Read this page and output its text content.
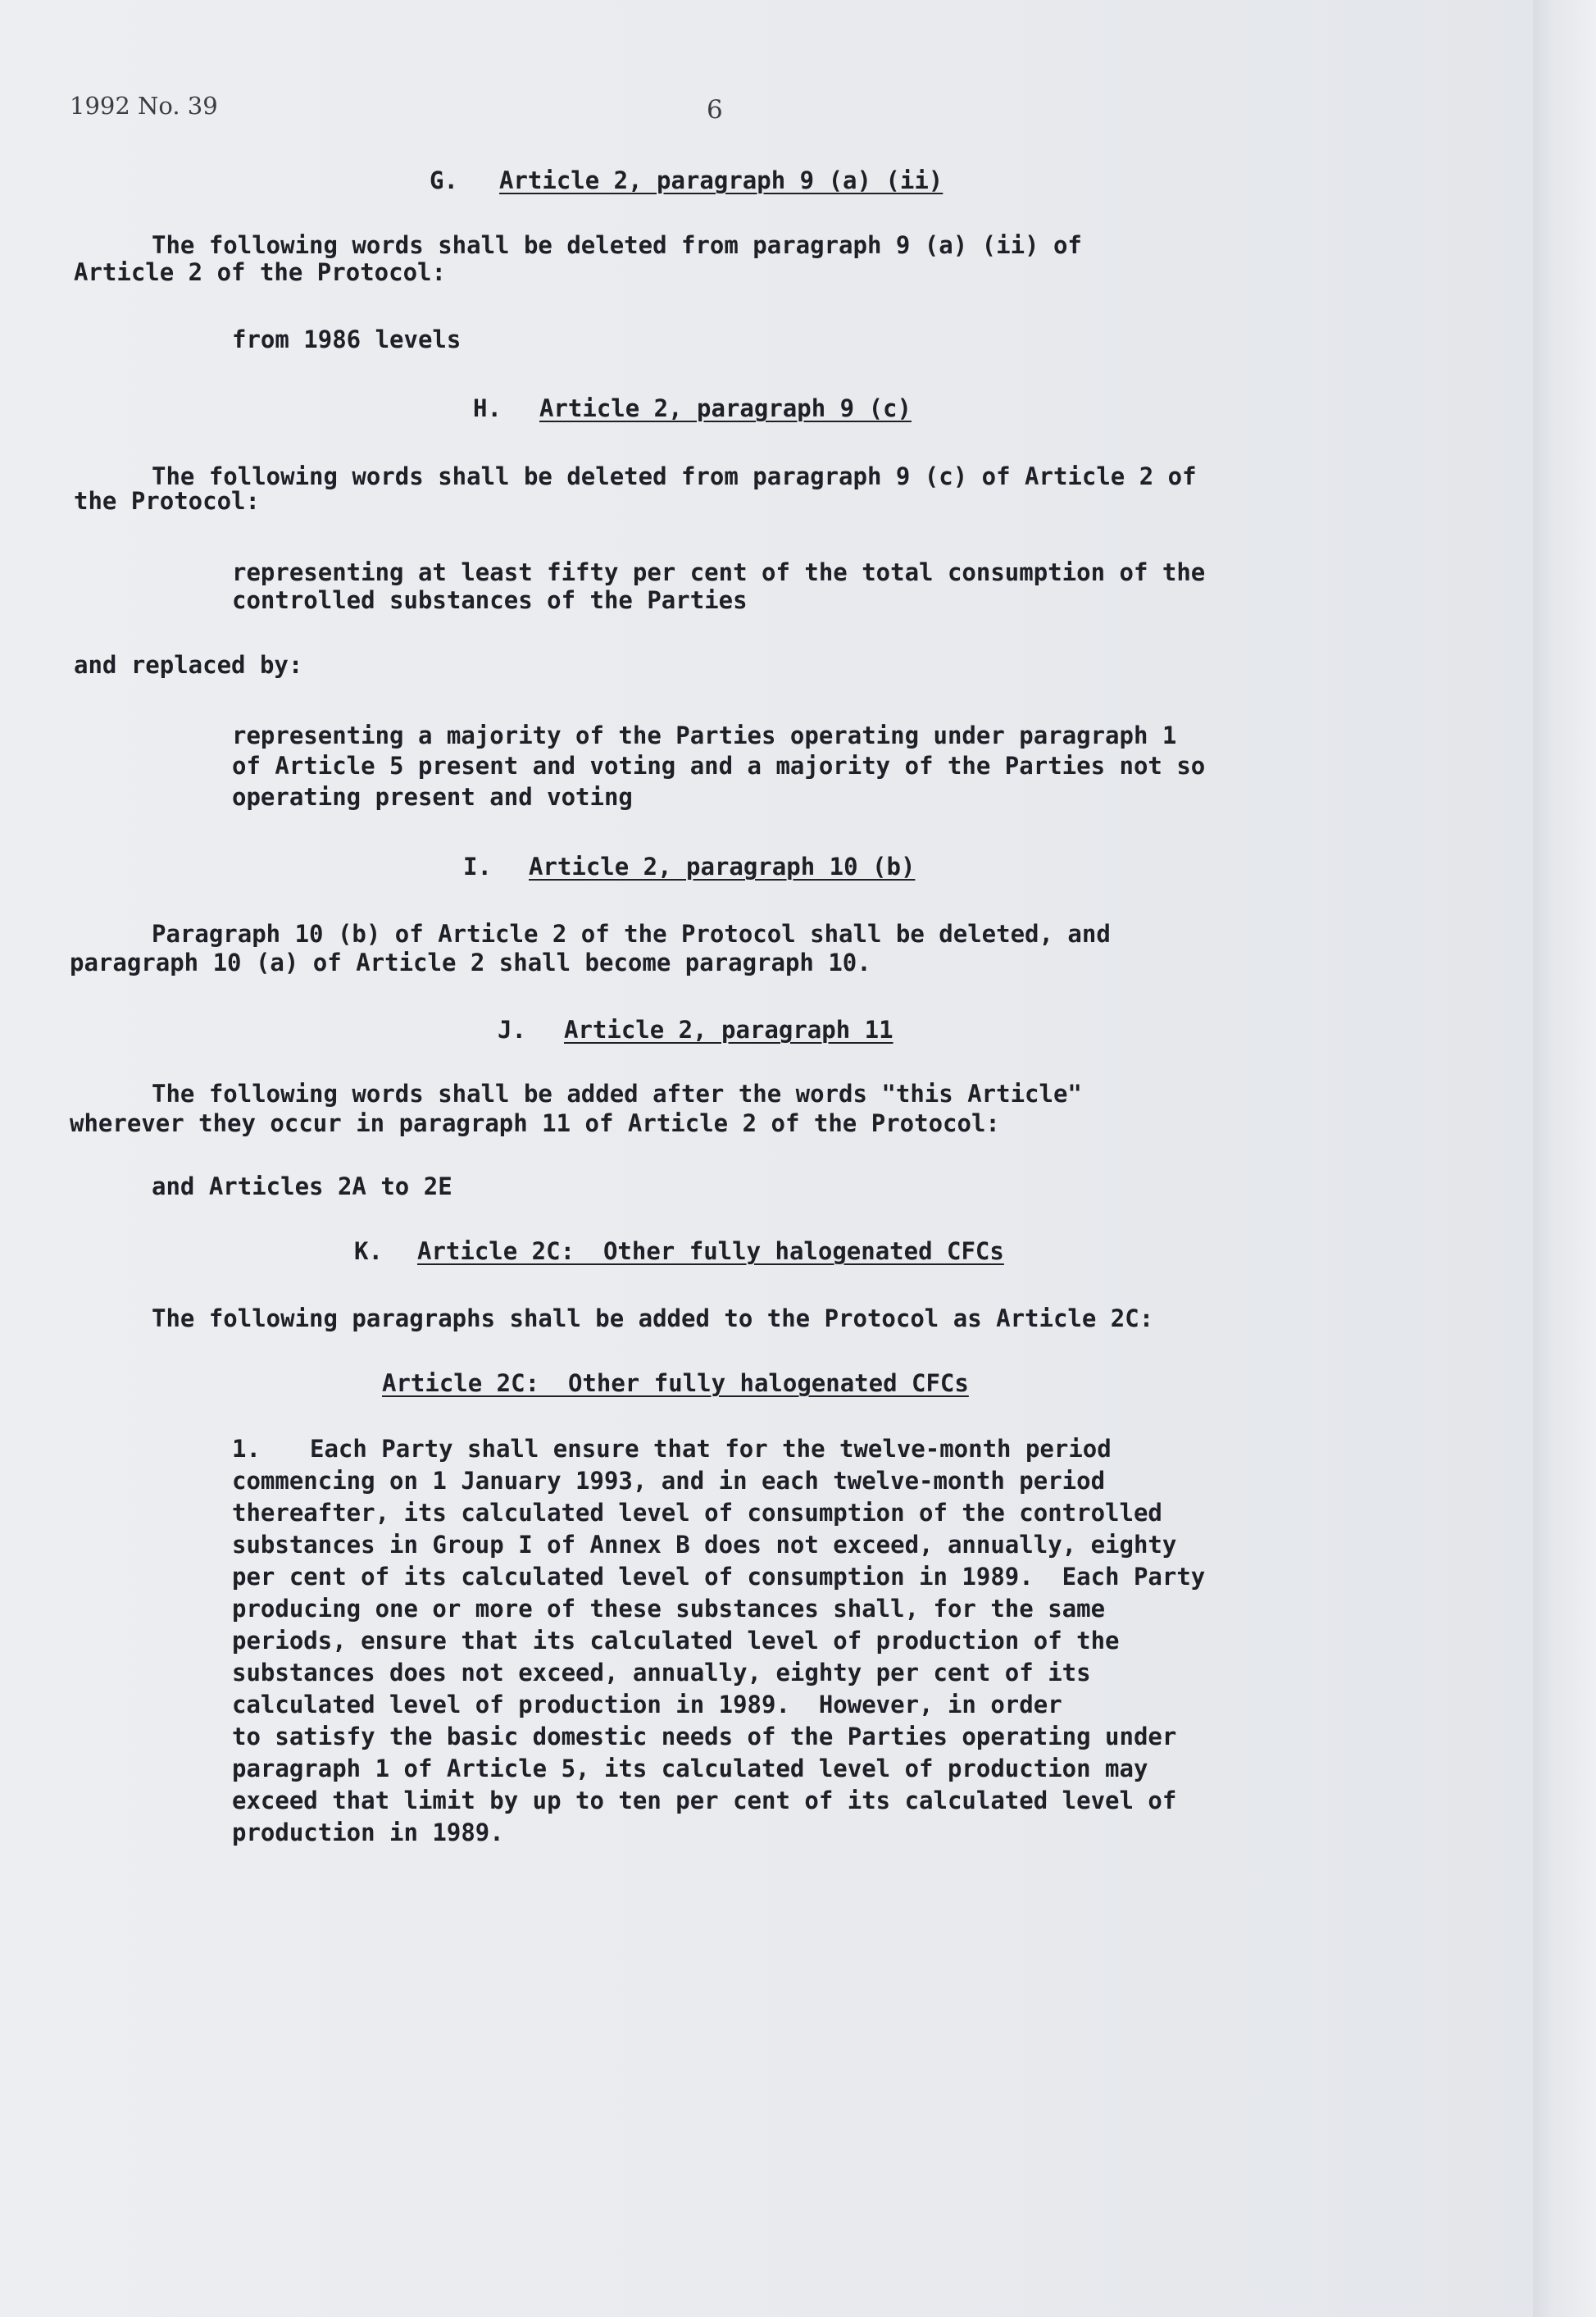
1992 No. 39	6
G. Article 2, paragraph 9 (a) (ii)
The following words shall be deleted from paragraph 9 (a) (ii) of
Article 2 of the Protocol:
from 1986 levels
H. Article 2, paragraph 9 (c)
The following words shall be deleted from paragraph 9 (c) of Article 2 of
the Protocol:
representing at least fifty per cent of the total consumption of the
controlled substances of the Parties
and replaced by:
representing a majority of the Parties operating under paragraph 1
of Article 5 present and voting and a majority of the Parties not so
operating present and voting
I. Article 2, paragraph 10 (b)
Paragraph 10 (b) of Article 2 of the Protocol shall be deleted, and
paragraph 10 (a) of Article 2 shall become paragraph 10.
J. Article 2, paragraph 11
The following words shall be added after the words "this Article"
wherever they occur in paragraph 11 of Article 2 of the Protocol:
and Articles 2A to 2E
K. Article 2C:  Other fully halogenated CFCs
The following paragraphs shall be added to the Protocol as Article 2C:
Article 2C:  Other fully halogenated CFCs
1. Each Party shall ensure that for the twelve-month period
commencing on 1 January 1993, and in each twelve-month period
thereafter, its calculated level of consumption of the controlled
substances in Group I of Annex B does not exceed, annually, eighty
per cent of its calculated level of consumption in 1989.  Each Party
producing one or more of these substances shall, for the same
periods, ensure that its calculated level of production of the
substances does not exceed, annually, eighty per cent of its
calculated level of production in 1989.  However, in order
to satisfy the basic domestic needs of the Parties operating under
paragraph 1 of Article 5, its calculated level of production may
exceed that limit by up to ten per cent of its calculated level of
production in 1989.
